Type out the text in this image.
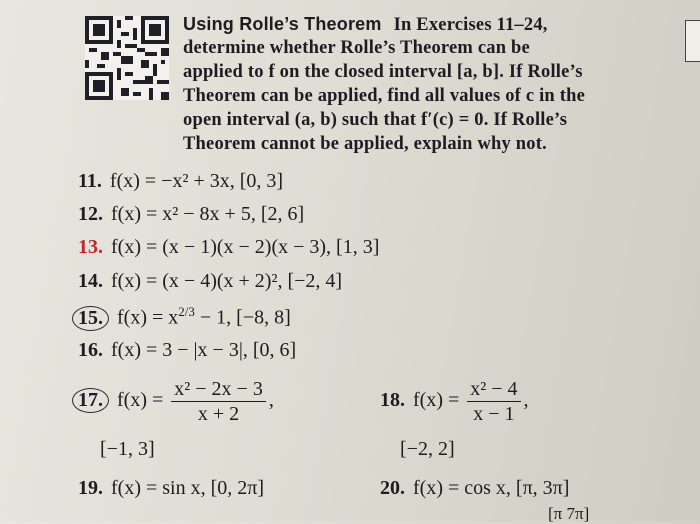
Using Rolle’s Theorem In Exercises 11–24,
determine whether Rolle’s Theorem can be
applied to f on the closed interval [a, b]. If Rolle’s
Theorem can be applied, find all values of c in the
open interval (a, b) such that f′(c) = 0. If Rolle’s
Theorem cannot be applied, explain why not.
11. f(x) = −x² + 3x, [0, 3]
12. f(x) = x² − 8x + 5, [2, 6]
13. f(x) = (x − 1)(x − 2)(x − 3), [1, 3]
14. f(x) = (x − 4)(x + 2)², [−2, 4]
15. $f(x) = x^{2/3} - 1$, [−8, 8]
16. f(x) = 3 − |x − 3|, [0, 6]
17. $f(x) = \frac{\text{x² − 2x − 3}}{x + 2}$ ,
[−1, 3]
18. $f(x) = \frac{\text{x² − 4}}{x - 1}$ ,
[−2, 2]
19. f(x) = sin x, [0, 2π]	20. f(x) = cos x, [π, 3π]
[π 7π]
